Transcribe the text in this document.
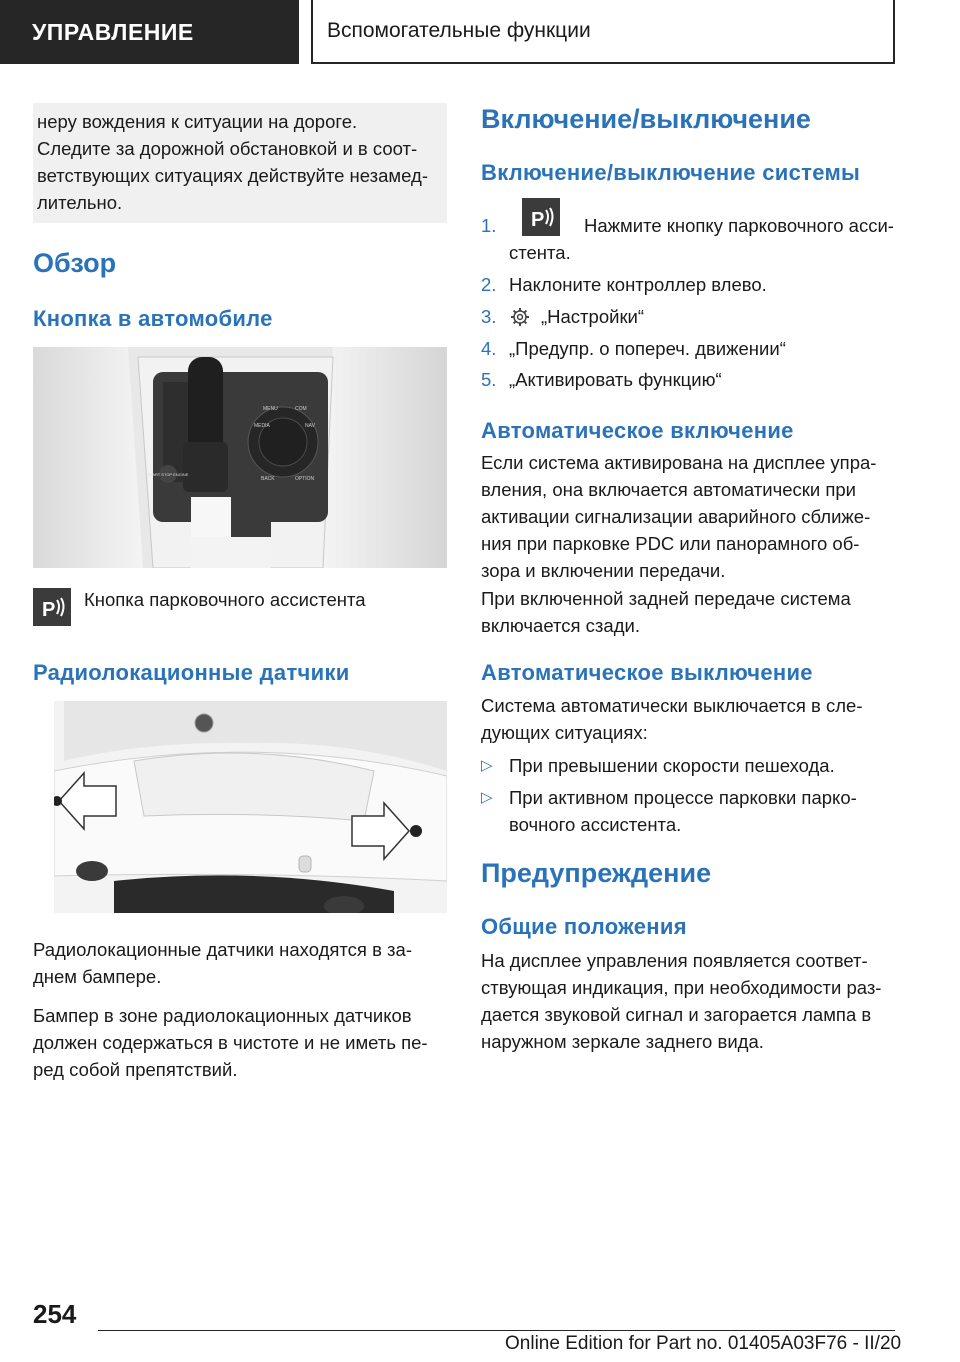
УПРАВЛЕНИЕ	Вспомогательные функции

неру вождения к ситуации на дороге.

Следите за дорожной обстановкой и в соот-

ветствующих ситуациях действуйте незамед-

лительно.

Обзор
Кнопка в автомобиле
START STOP ENGINE
MENU	COM
MEDIA	NAV
BACK	OPTION
P Кнопка парковочного ассистента

Радиолокационные датчики

Радиолокационные датчики находятся в за-

днем бампере.

Бампер в зоне радиолокационных датчиков

должен содержаться в чистоте и не иметь пе-

ред собой препятствий.

Включение/выключение
Включение/выключение системы
1. P Нажмите кнопку парковочного асси-

стента.

2. Наклоните контроллер влево.

3. „Настройки“

4. „Предупр. о попереч. движении“

5. „Активировать функцию“

Автоматическое включение

Если система активирована на дисплее упра-

вления, она включается автоматически при

активации сигнализации аварийного сближе-

ния при парковке PDC или панорамного об-

зора и включении передачи.

При включенной задней передаче система

включается сзади.

Автоматическое выключение

Система автоматически выключается в сле-

дующих ситуациях:

▷ При превышении скорости пешехода.

▷ При активном процессе парковки парко-

вочного ассистента.

Предупреждение
Общие положения

На дисплее управления появляется соответ-

ствующая индикация, при необходимости раз-

дается звуковой сигнал и загорается лампа в

наружном зеркале заднего вида.

254
Online Edition for Part no. 01405A03F76 - II/20
